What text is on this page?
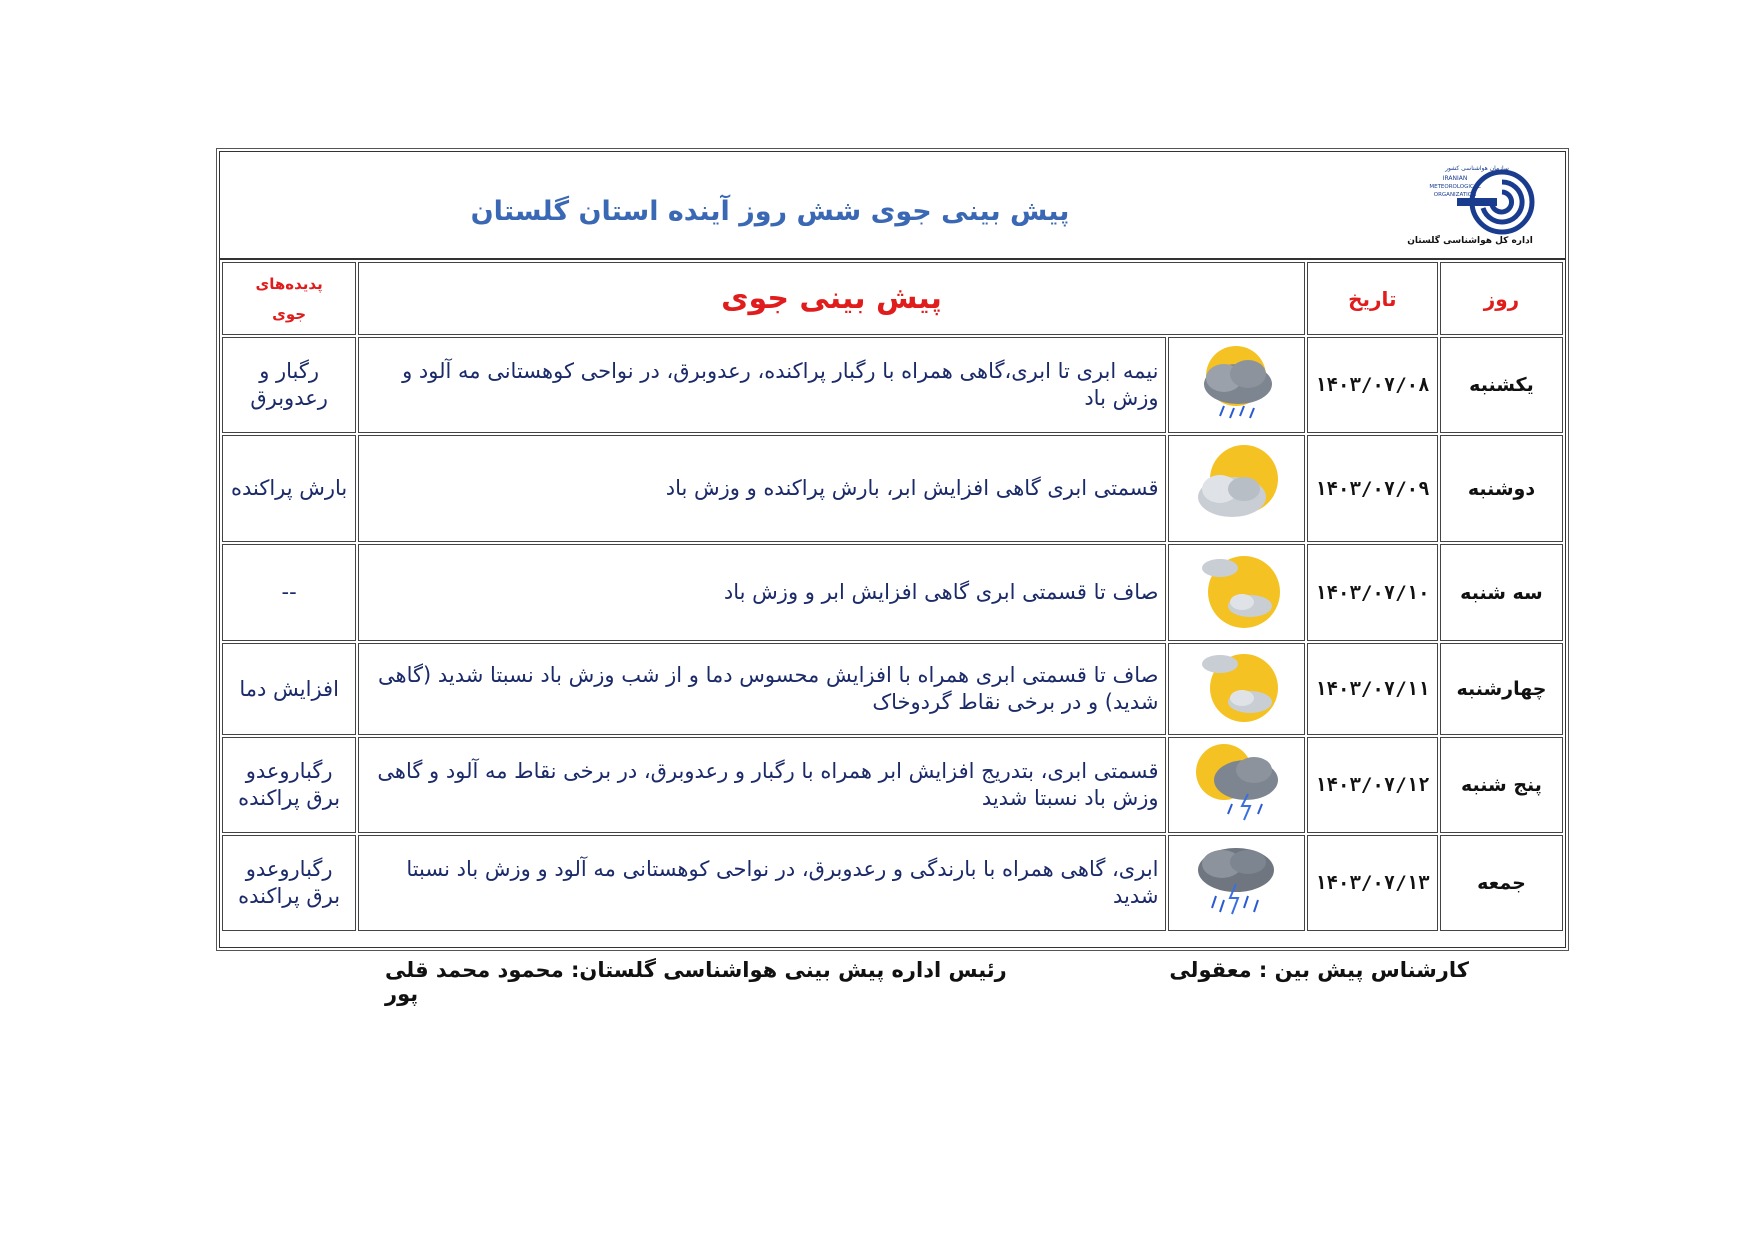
پیش بینی جوی شش روز آینده استان گلستان
سازمان هواشناسی کشور
IRANIAN
METEOROLOGICAL
ORGANIZATION
اداره کل هواشناسی گلستان
روز	تاریخ	پیش بینی جوی		پدیده‌های
جوی

یکشنبه	۱۴۰۳/۰۷/۰۸		نیمه ابری تا ابری،گاهی همراه با رگبار پراکنده، رعدوبرق، در نواحی کوهستانی مه آلود و وزش باد	رگبار و رعدوبرق
دوشنبه	۱۴۰۳/۰۷/۰۹		قسمتی ابری گاهی افزایش ابر، بارش پراکنده و وزش باد	بارش پراکنده
سه شنبه	۱۴۰۳/۰۷/۱۰		صاف تا قسمتی ابری گاهی افزایش ابر و وزش باد	--
چهارشنبه	۱۴۰۳/۰۷/۱۱		صاف تا قسمتی ابری همراه با افزایش محسوس دما و از شب وزش باد نسبتا شدید (گاهی شدید) و در برخی نقاط گردوخاک	افزایش دما
پنج شنبه	۱۴۰۳/۰۷/۱۲		قسمتی ابری، بتدریج افزایش ابر همراه با رگبار و رعدوبرق، در برخی نقاط مه آلود و گاهی وزش باد نسبتا شدید	رگباروعدو برق پراکنده
جمعه	۱۴۰۳/۰۷/۱۳		ابری، گاهی همراه با بارندگی و رعدوبرق، در نواحی کوهستانی مه آلود و وزش باد نسبتا شدید	رگباروعدو برق پراکنده
کارشناس پیش بین : معقولی
رئیس اداره پیش بینی هواشناسی گلستان: محمود محمد قلی پور
